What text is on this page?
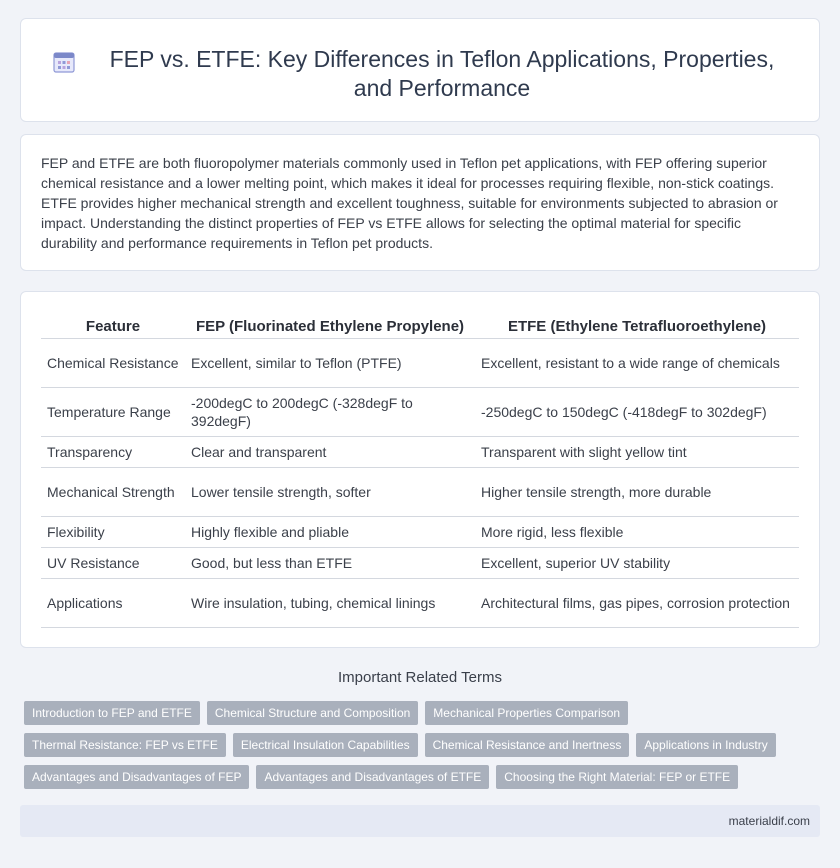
FEP vs. ETFE: Key Differences in Teflon Applications, Properties, and Performance

FEP and ETFE are both fluoropolymer materials commonly used in Teflon pet applications, with FEP offering superior chemical resistance and a lower melting point, which makes it ideal for processes requiring flexible, non-stick coatings. ETFE provides higher mechanical strength and excellent toughness, suitable for environments subjected to abrasion or impact. Understanding the distinct properties of FEP vs ETFE allows for selecting the optimal material for specific durability and performance requirements in Teflon pet products.

Feature	FEP (Fluorinated Ethylene Propylene)	ETFE (Ethylene Tetrafluoroethylene)
Chemical Resistance	Excellent, similar to Teflon (PTFE)	Excellent, resistant to a wide range of chemicals
Temperature Range	-200degC to 200degC (-328degF to 392degF)	-250degC to 150degC (-418degF to 302degF)
Transparency	Clear and transparent	Transparent with slight yellow tint
Mechanical Strength	Lower tensile strength, softer	Higher tensile strength, more durable
Flexibility	Highly flexible and pliable	More rigid, less flexible
UV Resistance	Good, but less than ETFE	Excellent, superior UV stability
Applications	Wire insulation, tubing, chemical linings	Architectural films, gas pipes, corrosion protection
Important Related Terms
Introduction to FEP and ETFE	Chemical Structure and Composition	Mechanical Properties Comparison
Thermal Resistance: FEP vs ETFE	Electrical Insulation Capabilities	Chemical Resistance and Inertness	Applications in Industry
Advantages and Disadvantages of FEP	Advantages and Disadvantages of ETFE	Choosing the Right Material: FEP or ETFE
materialdif.com
